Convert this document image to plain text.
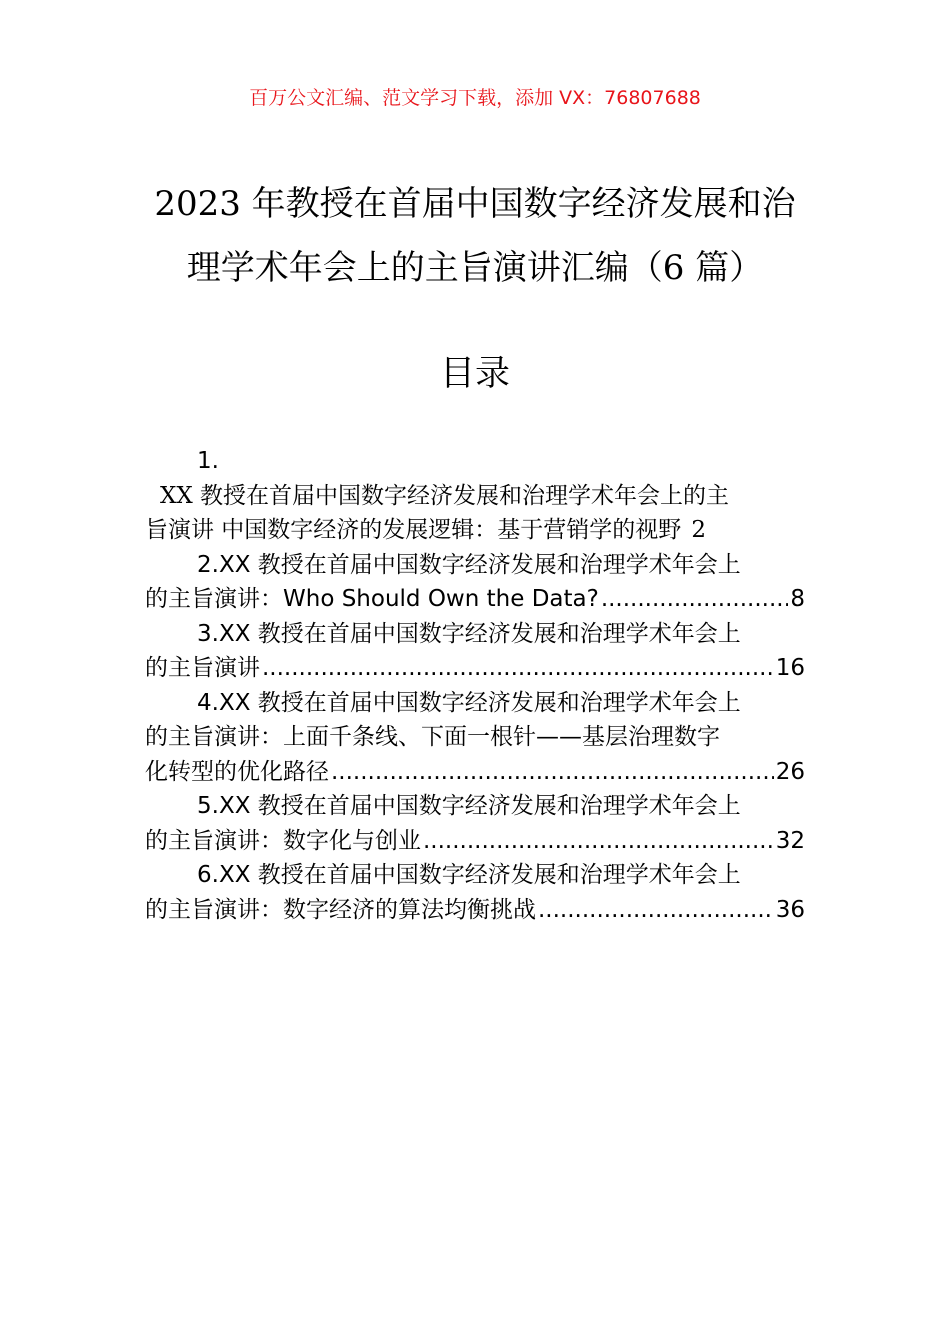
百万公文汇编、范文学习下载，添加 VX：76807688
2023 年教授在首届中国数字经济发展和治
理学术年会上的主旨演讲汇编（6 篇）
目录
1.
XX 教授在首届中国数字经济发展和治理学术年会上的主
旨演讲 中国数字经济的发展逻辑：基于营销学的视野 2
2.XX 教授在首届中国数字经济发展和治理学术年会上
的主旨演讲：Who Should Own the Data? .....	8
3.XX 教授在首届中国数字经济发展和治理学术年会上
的主旨演讲 .....	16
4.XX 教授在首届中国数字经济发展和治理学术年会上
的主旨演讲：上面千条线、下面一根针——基层治理数字
化转型的优化路径 .....	26
5.XX 教授在首届中国数字经济发展和治理学术年会上
的主旨演讲：数字化与创业 .....	32
6.XX 教授在首届中国数字经济发展和治理学术年会上
的主旨演讲：数字经济的算法均衡挑战 .....	36
